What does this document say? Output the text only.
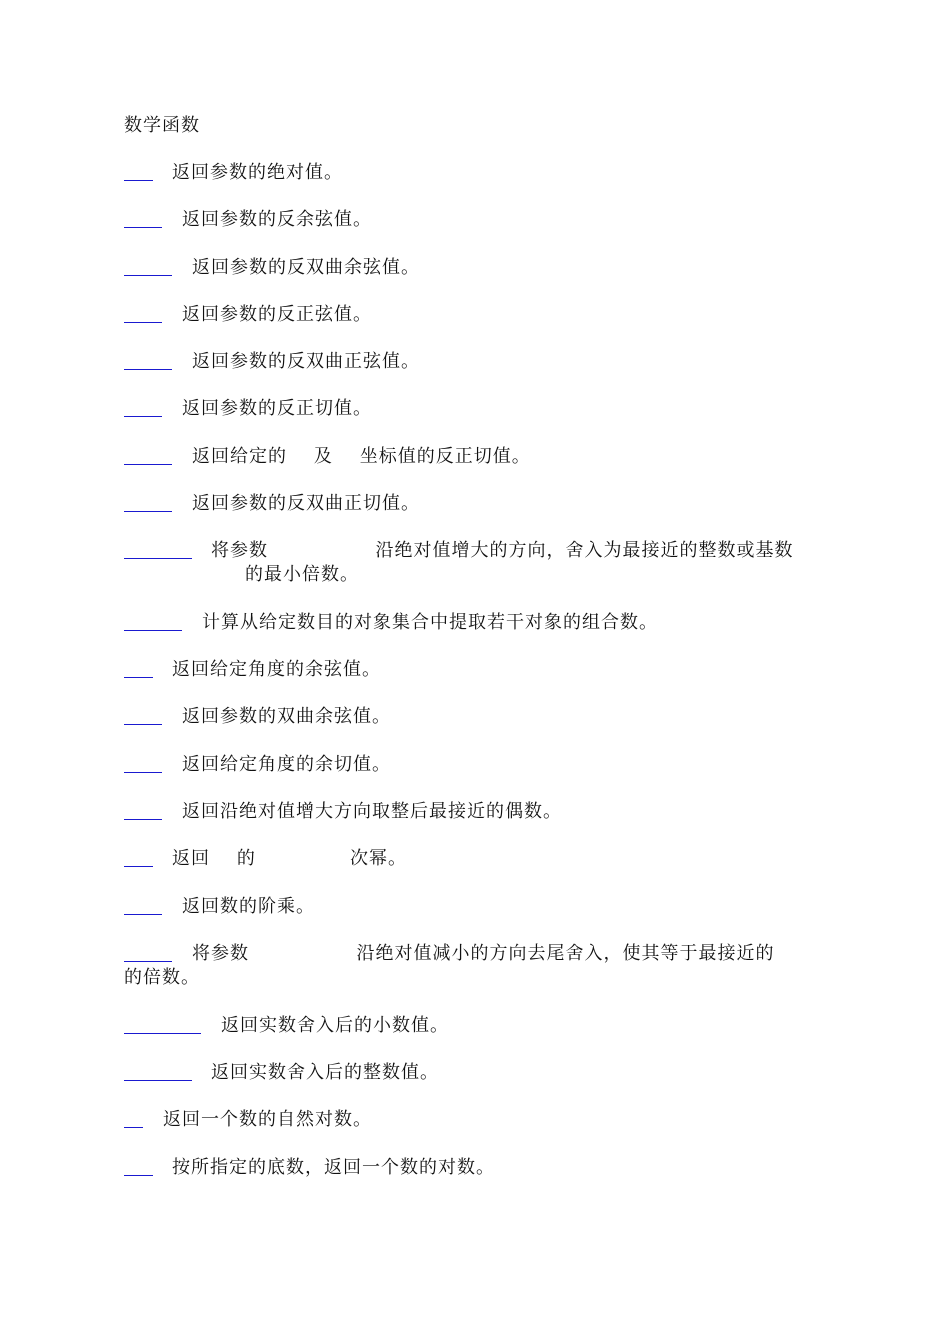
数学函数
返回参数的绝对值。
返回参数的反余弦值。
返回参数的反双曲余弦值。
返回参数的反正弦值。
返回参数的反双曲正弦值。
返回参数的反正切值。
返回给定的    及    坐标值的反正切值。
返回参数的反双曲正切值。
将参数                沿绝对值增大的方向，舍入为最接近的整数或基数
的最小倍数。
计算从给定数目的对象集合中提取若干对象的组合数。
返回给定角度的余弦值。
返回参数的双曲余弦值。
返回给定角度的余切值。
返回沿绝对值增大方向取整后最接近的偶数。
返回    的              次幂。
返回数的阶乘。
将参数                沿绝对值减小的方向去尾舍入，使其等于最接近的
的倍数。
返回实数舍入后的小数值。
返回实数舍入后的整数值。
返回一个数的自然对数。
按所指定的底数，返回一个数的对数。
